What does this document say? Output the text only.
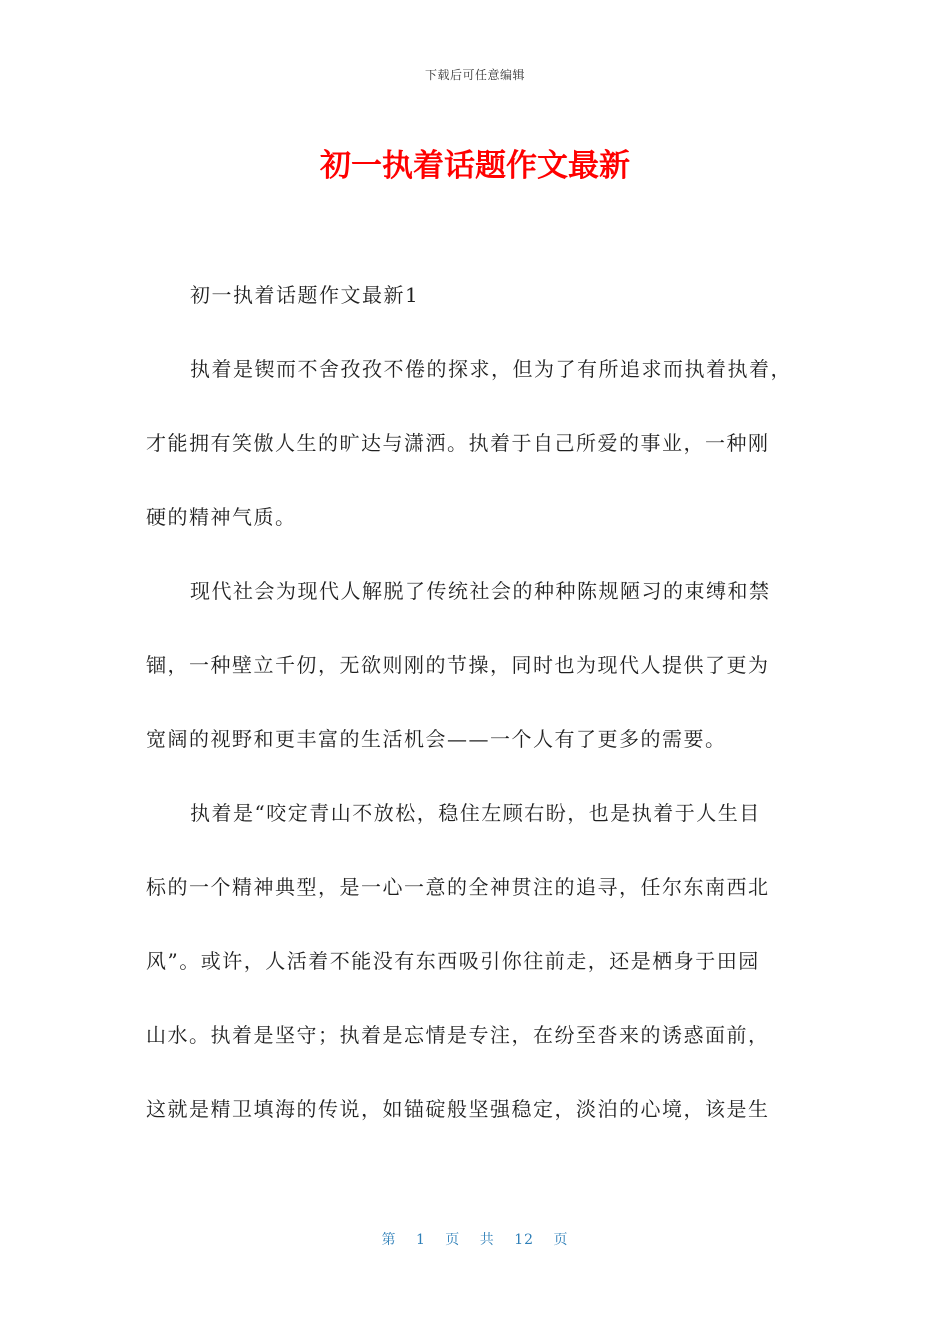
下载后可任意编辑
初一执着话题作文最新
初一执着话题作文最新1
执着是锲而不舍孜孜不倦的探求，但为了有所追求而执着执着，
才能拥有笑傲人生的旷达与潇洒。执着于自己所爱的事业，一种刚
硬的精神气质。
现代社会为现代人解脱了传统社会的种种陈规陋习的束缚和禁
锢，一种壁立千仞，无欲则刚的节操，同时也为现代人提供了更为
宽阔的视野和更丰富的生活机会——一个人有了更多的需要。
执着是“咬定青山不放松，稳住左顾右盼，也是执着于人生目
标的一个精神典型，是一心一意的全神贯注的追寻，任尔东南西北
风”。或许，人活着不能没有东西吸引你往前走，还是栖身于田园
山水。执着是坚守；执着是忘情是专注，在纷至沓来的诱惑面前，
这就是精卫填海的传说，如锚碇般坚强稳定，淡泊的心境，该是生
第 1 页 共 12 页
